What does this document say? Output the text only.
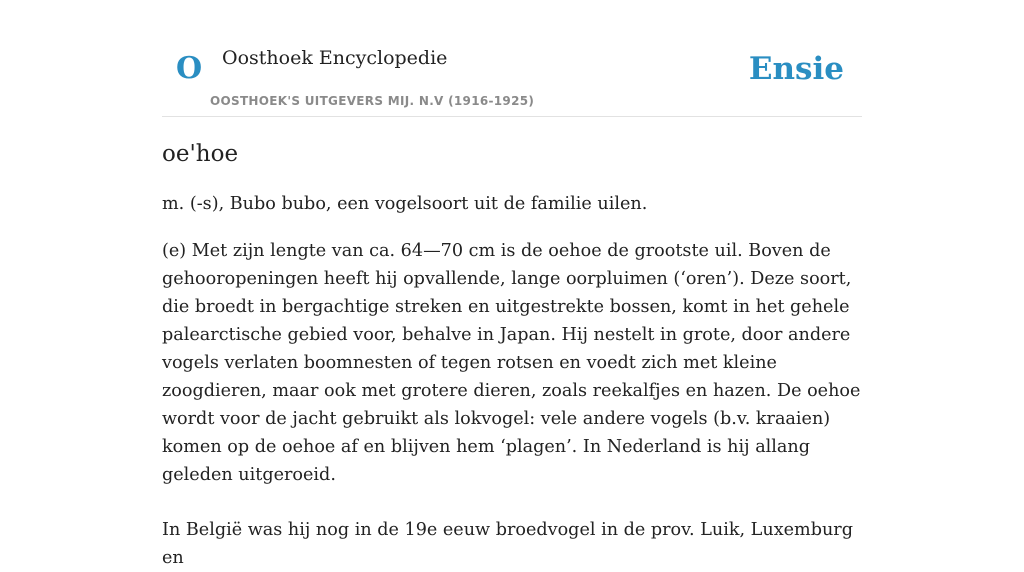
O Oosthoek Encyclopedie
OOSTHOEK'S UITGEVERS MIJ. N.V (1916-1925)
Ensie
oe'hoe

m. (-s), Bubo bubo, een vogelsoort uit de familie uilen.

(e) Met zijn lengte van ca. 64—70 cm is de oehoe de grootste uil. Boven de gehooropeningen heeft hij opvallende, lange oorpluimen (‘oren’). Deze soort, die broedt in bergachtige streken en uitgestrekte bossen, komt in het gehele palearctische gebied voor, behalve in Japan. Hij nestelt in grote, door andere vogels verlaten boomnesten of tegen rotsen en voedt zich met kleine zoogdieren, maar ook met grotere dieren, zoals reekalfjes en hazen. De oehoe wordt voor de jacht gebruikt als lokvogel: vele andere vogels (b.v. kraaien) komen op de oehoe af en blijven hem ‘plagen’. In Nederland is hij allang geleden uitgeroeid.

In België was hij nog in de 19e eeuw broedvogel in de prov. Luik, Luxemburg en
